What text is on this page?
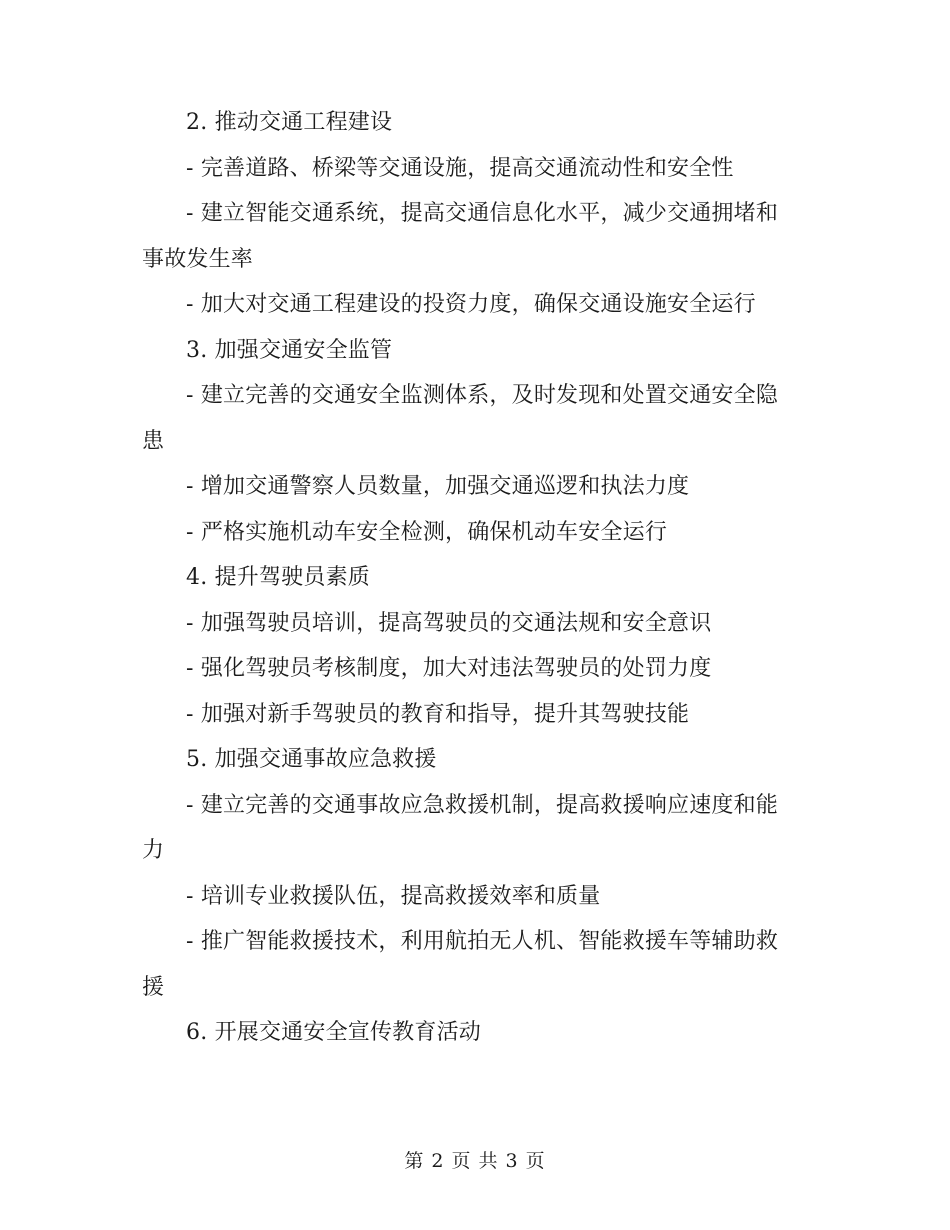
2. 推动交通工程建设

- 完善道路、桥梁等交通设施，提高交通流动性和安全性

- 建立智能交通系统，提高交通信息化水平，减少交通拥堵和事故发生率

- 加大对交通工程建设的投资力度，确保交通设施安全运行

3. 加强交通安全监管

- 建立完善的交通安全监测体系，及时发现和处置交通安全隐患

- 增加交通警察人员数量，加强交通巡逻和执法力度

- 严格实施机动车安全检测，确保机动车安全运行

4. 提升驾驶员素质

- 加强驾驶员培训，提高驾驶员的交通法规和安全意识

- 强化驾驶员考核制度，加大对违法驾驶员的处罚力度

- 加强对新手驾驶员的教育和指导，提升其驾驶技能

5. 加强交通事故应急救援

- 建立完善的交通事故应急救援机制，提高救援响应速度和能力

- 培训专业救援队伍，提高救援效率和质量

- 推广智能救援技术，利用航拍无人机、智能救援车等辅助救援

6. 开展交通安全宣传教育活动

第 2 页 共 3 页
